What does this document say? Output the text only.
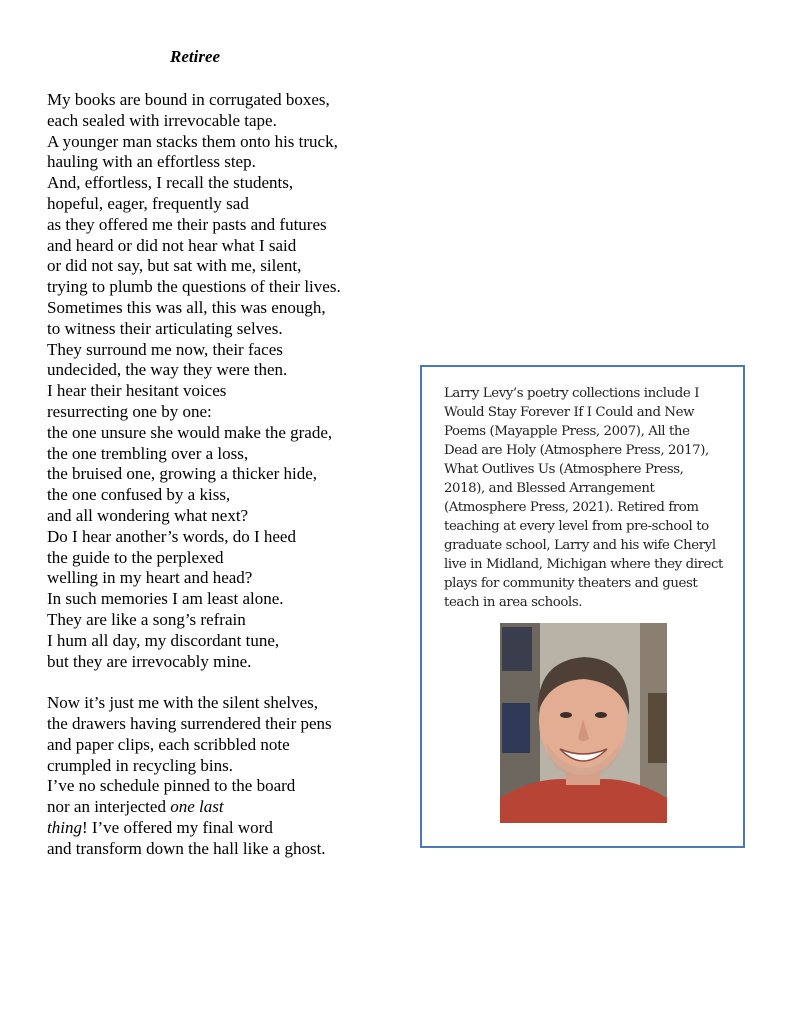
Retiree

My books are bound in corrugated boxes,
each sealed with irrevocable tape.
A younger man stacks them onto his truck,
hauling with an effortless step.
And, effortless, I recall the students,
hopeful, eager, frequently sad
as they offered me their pasts and futures
and heard or did not hear what I said
or did not say, but sat with me, silent,
trying to plumb the questions of their lives.
Sometimes this was all, this was enough,
to witness their articulating selves.
They surround me now, their faces
undecided, the way they were then.
I hear their hesitant voices
resurrecting one by one:
the one unsure she would make the grade,
the one trembling over a loss,
the bruised one, growing a thicker hide,
the one confused by a kiss,
and all wondering what next?
Do I hear another’s words, do I heed
the guide to the perplexed
welling in my heart and head?
In such memories I am least alone.
They are like a song’s refrain
I hum all day, my discordant tune,
but they are irrevocably mine.

Now it’s just me with the silent shelves,
the drawers having surrendered their pens
and paper clips, each scribbled note
crumpled in recycling bins.
I’ve no schedule pinned to the board
nor an interjected one last
thing! I’ve offered my final word
and transform down the hall like a ghost.

Larry Levy’s poetry collections include I
Would Stay Forever If I Could and New
Poems (Mayapple Press, 2007), All the
Dead are Holy (Atmosphere Press, 2017),
What Outlives Us (Atmosphere Press,
2018), and Blessed Arrangement
(Atmosphere Press, 2021). Retired from
teaching at every level from pre-school to
graduate school, Larry and his wife Cheryl
live in Midland, Michigan where they direct
plays for community theaters and guest
teach in area schools.
